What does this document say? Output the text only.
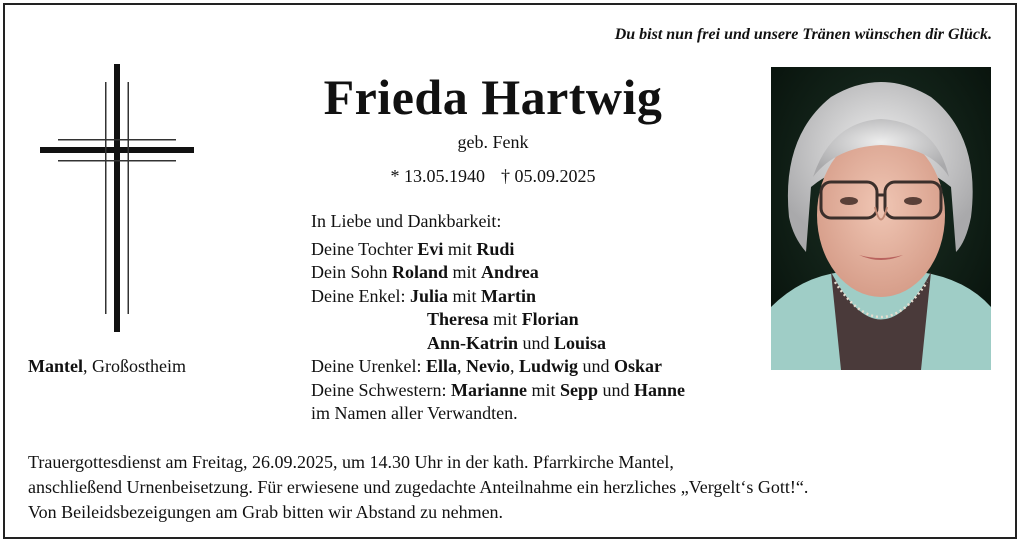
Du bist nun frei und unsere Tränen wünschen dir Glück.
Mantel, Großostheim
Frieda Hartwig
geb. Fenk
* 13.05.1940 † 05.09.2025
In Liebe und Dankbarkeit:
Deine Tochter Evi mit Rudi
Dein Sohn Roland mit Andrea
Deine Enkel: Julia mit Martin
Theresa mit Florian
Ann-Katrin und Louisa
Deine Urenkel: Ella, Nevio, Ludwig und Oskar
Deine Schwestern: Marianne mit Sepp und Hanne
im Namen aller Verwandten.
Trauergottesdienst am Freitag, 26.09.2025, um 14.30 Uhr in der kath. Pfarrkirche Mantel,
anschließend Urnenbeisetzung. Für erwiesene und zugedachte Anteilnahme ein herzliches „Vergelt‘s Gott!“.
Von Beileidsbezeigungen am Grab bitten wir Abstand zu nehmen.
